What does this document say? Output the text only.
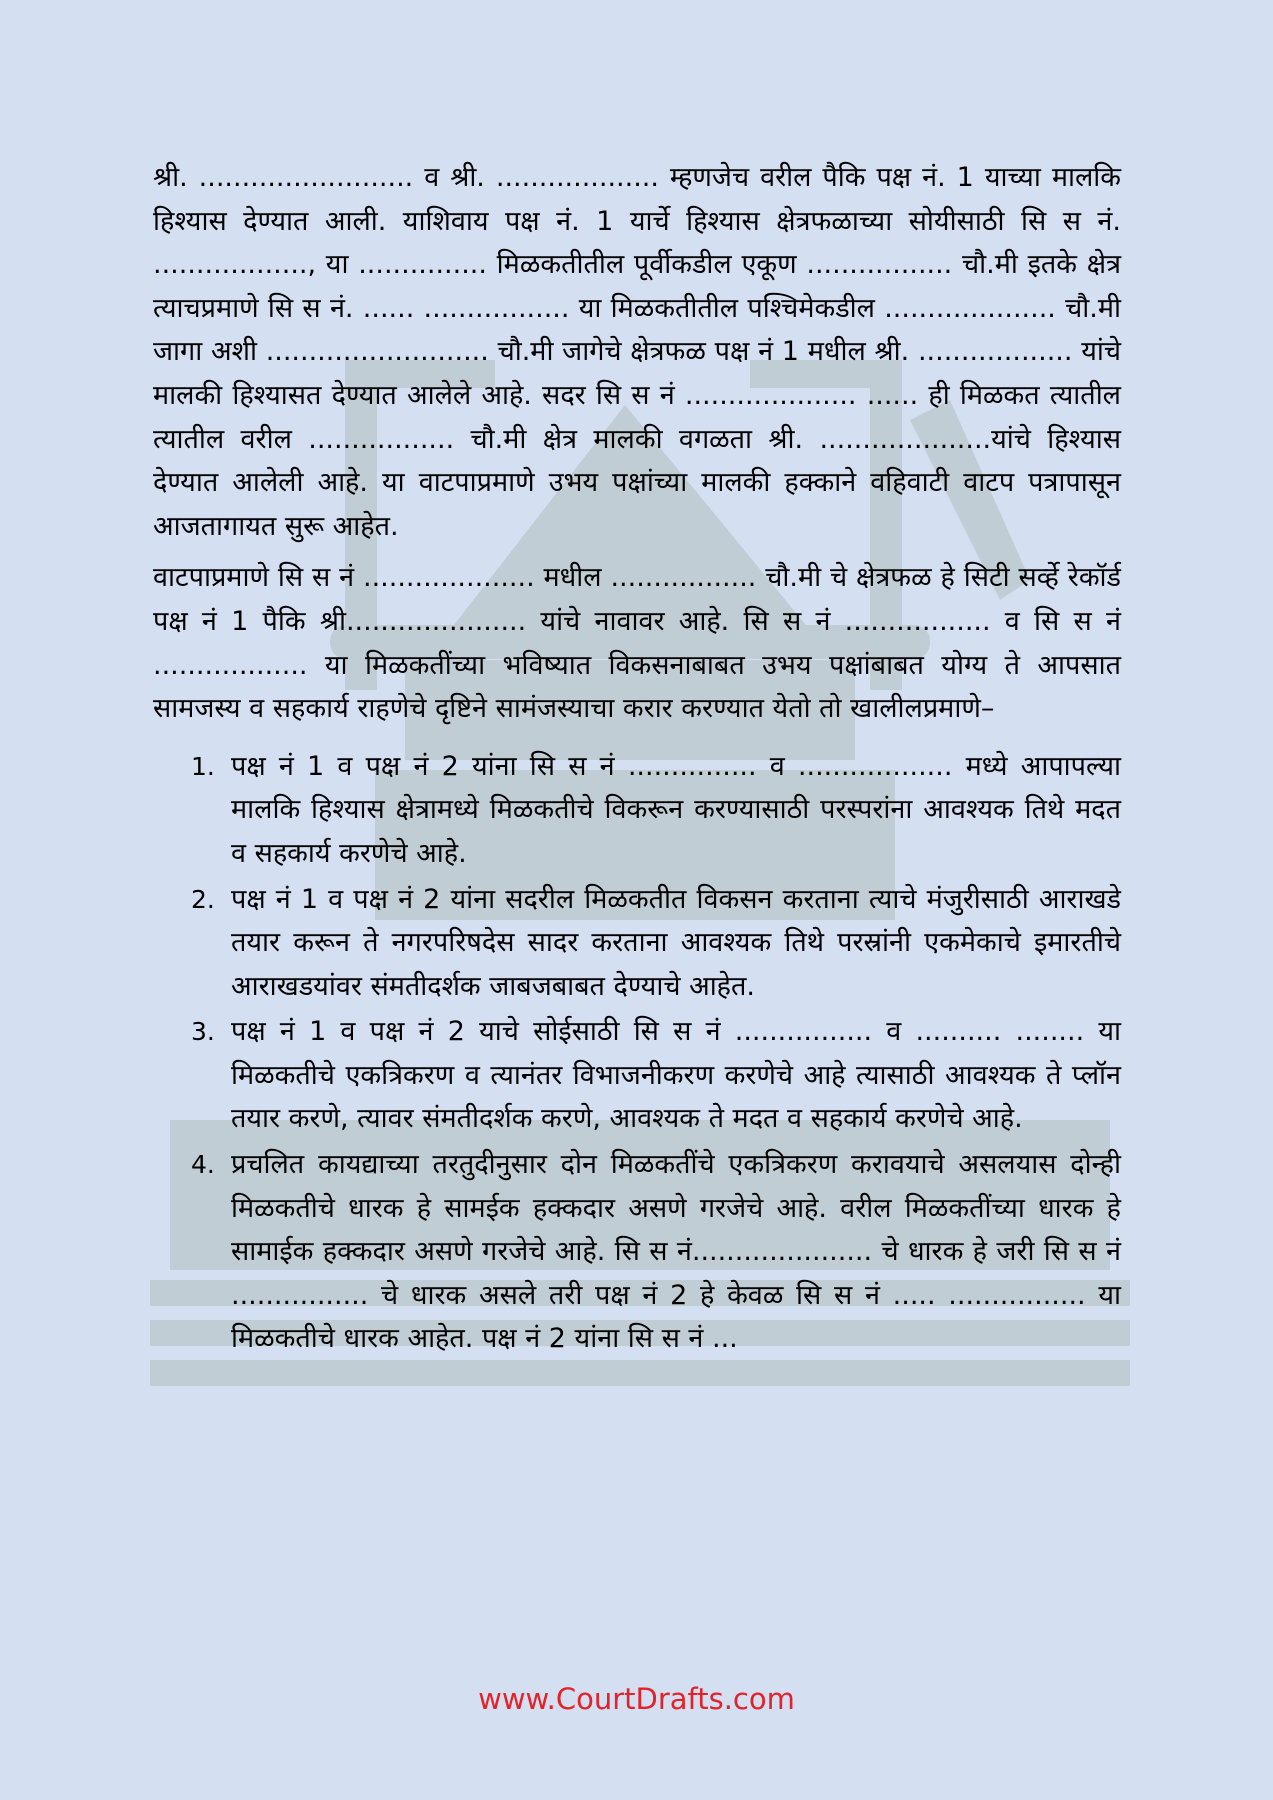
श्री. ......................... व श्री. ................... म्हणजेच वरील पैकि पक्ष नं. 1 याच्या मालकि हिश्यास देण्यात आली. याशिवाय पक्ष नं. 1 यार्चे हिश्यास क्षेत्रफळाच्या सोयीसाठी सि स नं. .................., या ............... मिळकतीतील पूर्वीकडील एकूण ................. चौ.मी इतके क्षेत्र त्याचप्रमाणे सि स नं. ...... ................. या मिळकतीतील पश्चिमेकडील .................... चौ.मी जागा अशी .......................... चौ.मी जागेचे क्षेत्रफळ पक्ष नं 1 मधील श्री. .................. यांचे मालकी हिश्यासत देण्यात आलेले आहे. सदर सि स नं .................... ...... ही मिळकत त्यातील त्यातील वरील ................. चौ.मी क्षेत्र मालकी वगळता श्री. ....................यांचे हिश्यास देण्यात आलेली आहे. या वाटपाप्रमाणे उभय पक्षांच्या मालकी हक्काने वहिवाटी वाटप पत्रापासून आजतागायत सुरू आहेत.

वाटपाप्रमाणे सि स नं .................... मधील ................. चौ.मी चे क्षेत्रफळ हे सिटी सर्व्हे रेकॉर्ड पक्ष नं 1 पैकि श्री..................... यांचे नावावर आहे. सि स नं ................. व सि स नं .................. या मिळकतींच्या भविष्यात विकसनाबाबत उभय पक्षांबाबत योग्य ते आपसात सामजस्य व सहकार्य राहणेचे दृष्टिने सामंजस्याचा करार करण्यात येतो तो खालीलप्रमाणे–

1. पक्ष नं 1 व पक्ष नं 2 यांना सि स नं ............... व .................. मध्ये आपापल्या मालकि हिश्यास क्षेत्रामध्ये मिळकतीचे विकरून करण्यासाठी परस्परांना आवश्यक तिथे मदत व सहकार्य करणेचे आहे.
2. पक्ष नं 1 व पक्ष नं 2 यांना सदरील मिळकतीत विकसन करताना त्याचे मंजुरीसाठी आराखडे तयार करून ते नगरपरिषदेस सादर करताना आवश्यक तिथे परस्रांनी एकमेकाचे इमारतीचे आराखडयांवर संमतीदर्शक जाबजबाबत देण्याचे आहेत.
3. पक्ष नं 1 व पक्ष नं 2 याचे सोईसाठी सि स नं ................ व .......... ........ या मिळकतीचे एकत्रिकरण व त्यानंतर विभाजनीकरण करणेचे आहे त्यासाठी आवश्यक ते प्लॉन तयार करणे, त्यावर संमतीदर्शक करणे, आवश्यक ते मदत व सहकार्य करणेचे आहे.
4. प्रचलित कायद्याच्या तरतुदीनुसार दोन मिळकतींचे एकत्रिकरण करावयाचे असलयास दोन्ही मिळकतीचे धारक हे सामईक हक्कदार असणे गरजेचे आहे. वरील मिळकतींच्या धारक हे सामाईक हक्कदार असणे गरजेचे आहे. सि स नं..................... चे धारक हे जरी सि स नं ................ चे धारक असले तरी पक्ष नं 2 हे केवळ सि स नं ..... ................ या मिळकतीचे धारक आहेत. पक्ष नं 2 यांना सि स नं ...
www.CourtDrafts.com
